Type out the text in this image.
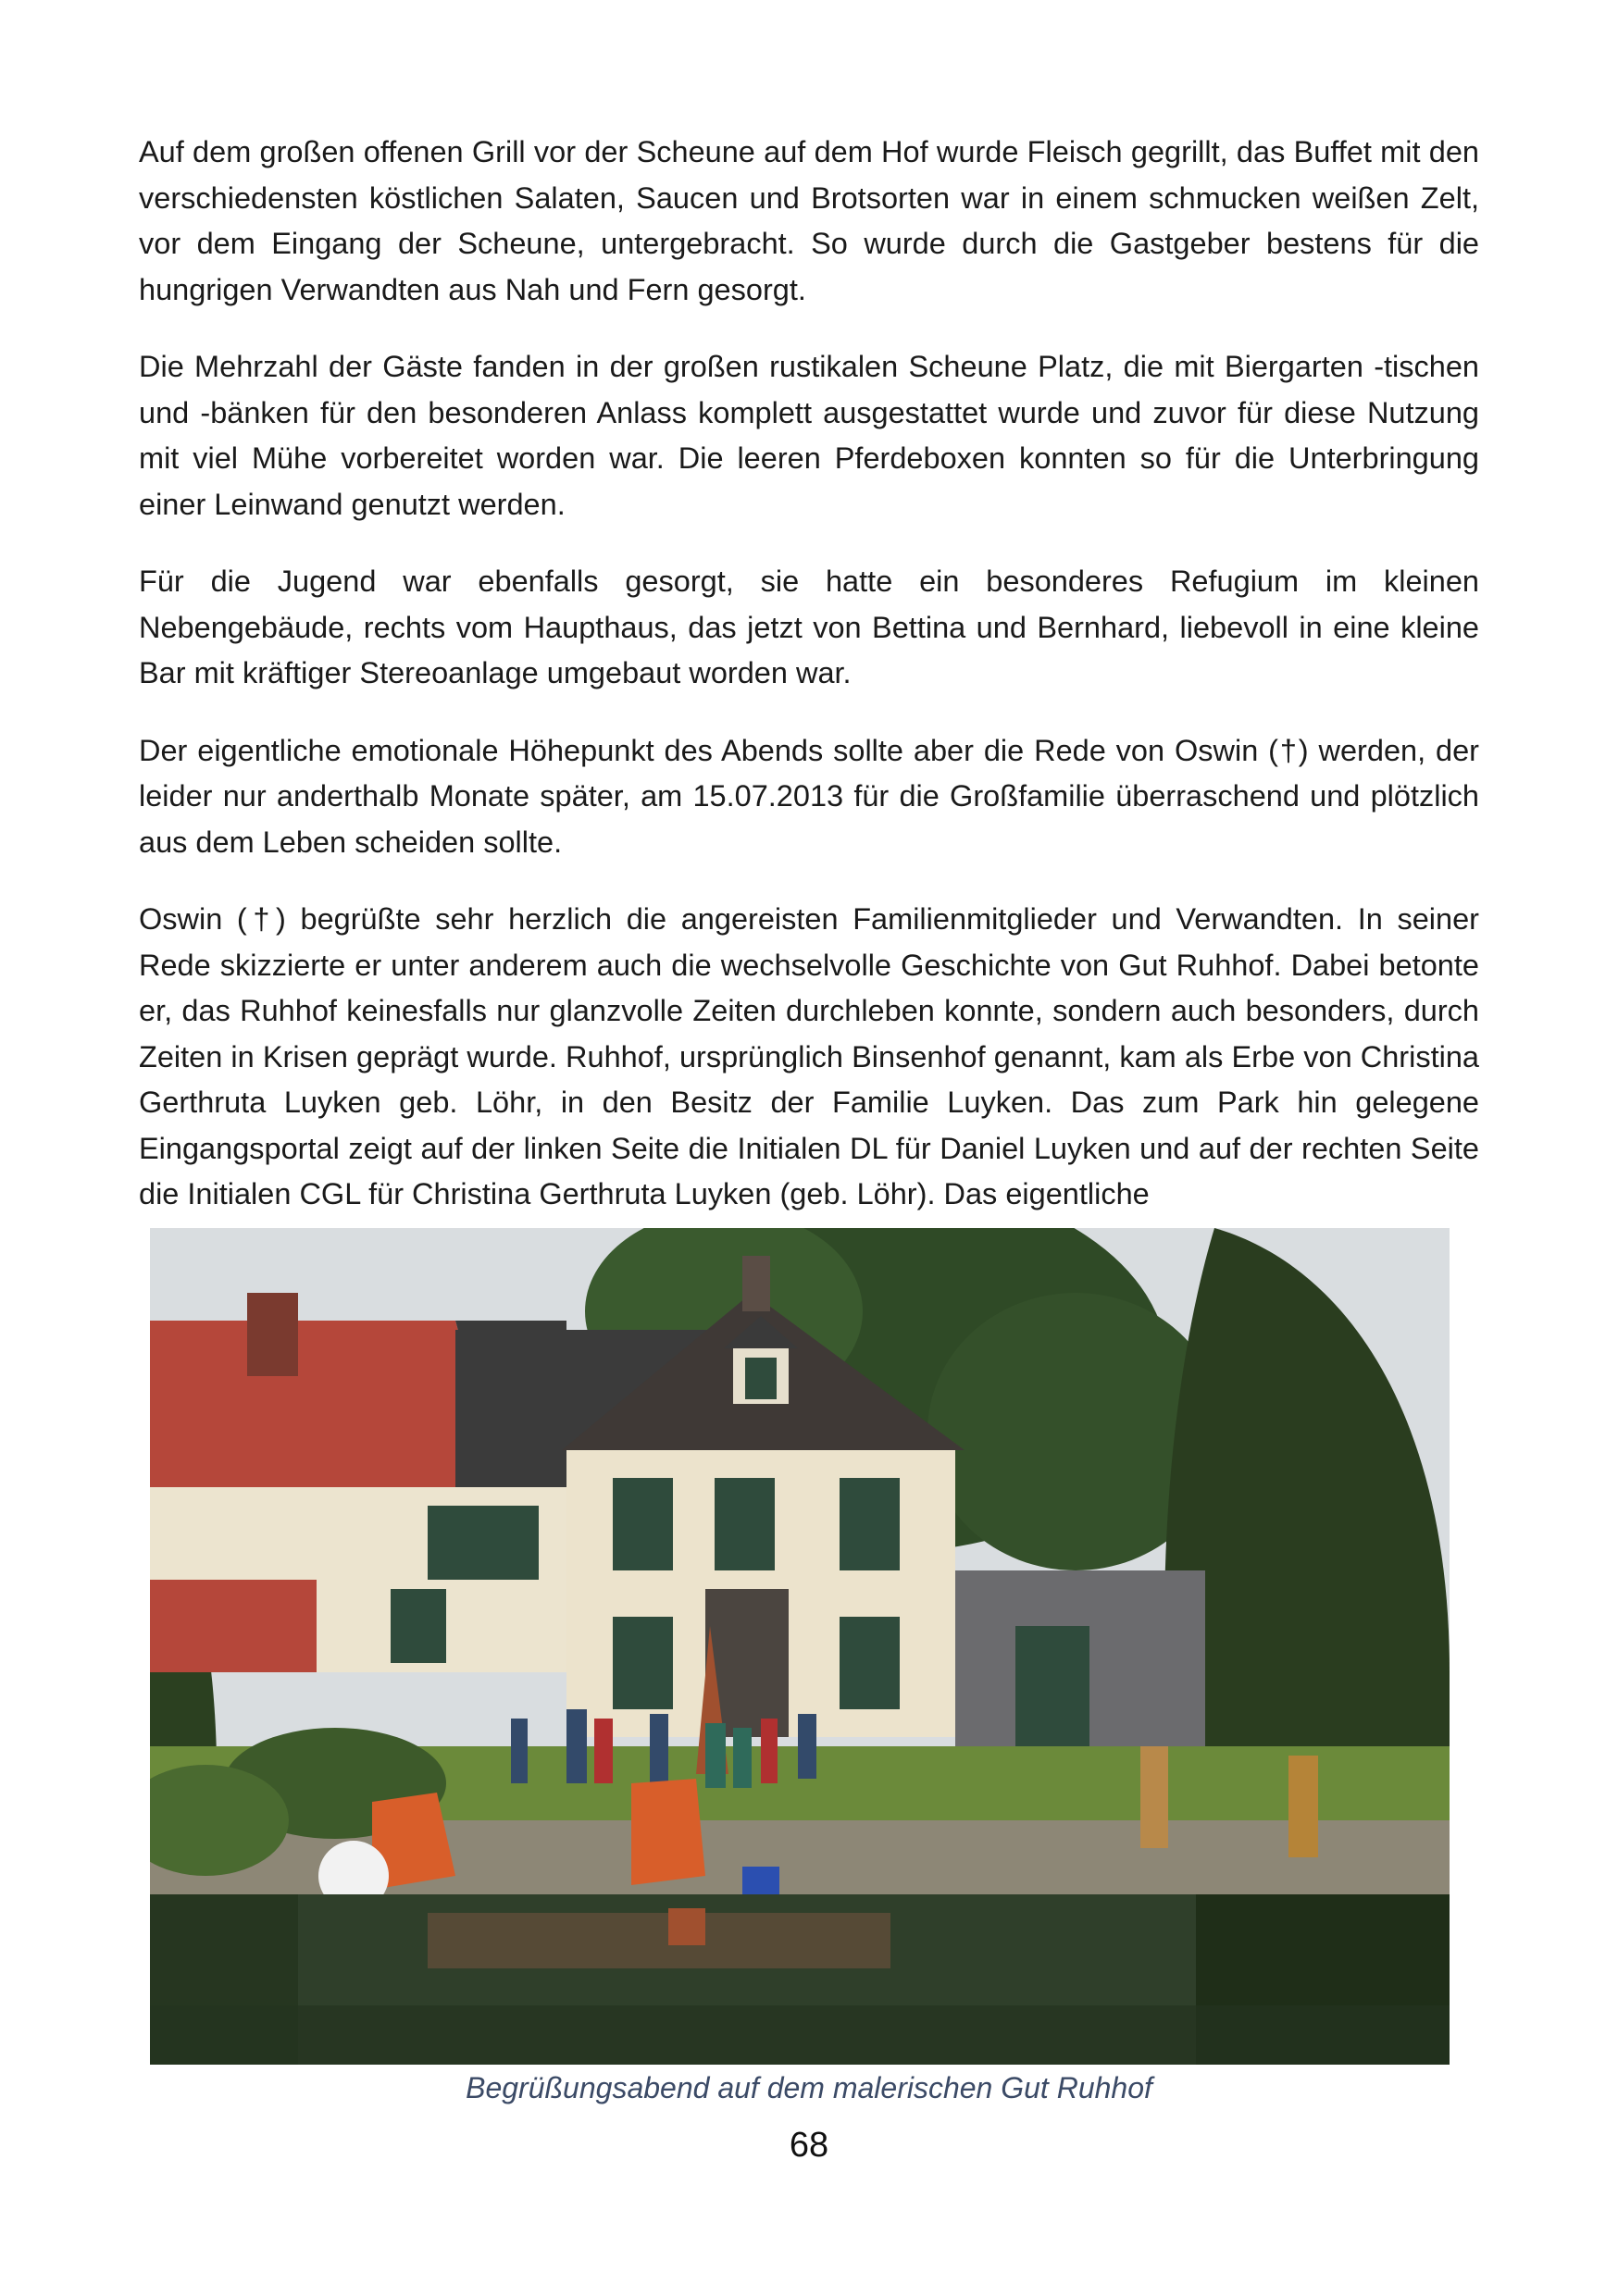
Auf dem großen offenen Grill vor der Scheune auf dem Hof wurde Fleisch gegrillt, das Buffet mit den verschiedensten köstlichen Salaten, Saucen und Brotsorten war in einem schmucken weißen Zelt, vor dem Eingang der Scheune, untergebracht. So wurde durch die Gastgeber bestens für die hungrigen Verwandten aus Nah und Fern gesorgt.

Die Mehrzahl der Gäste fanden in der großen rustikalen Scheune Platz, die mit Biergarten -tischen und -bänken für den besonderen Anlass komplett ausgestattet wurde und zuvor für diese Nutzung mit viel Mühe vorbereitet worden war. Die leeren Pferdeboxen konnten so für die Unterbringung einer Leinwand genutzt werden.

Für die Jugend war ebenfalls gesorgt, sie hatte ein besonderes Refugium im kleinen Nebengebäude, rechts vom Haupthaus, das jetzt von Bettina und Bernhard, liebevoll in eine kleine Bar mit kräftiger Stereoanlage umgebaut worden war.

Der eigentliche emotionale Höhepunkt des Abends sollte aber die Rede von Oswin (†) werden, der leider nur anderthalb Monate später, am 15.07.2013 für die Großfamilie überraschend und plötzlich aus dem Leben scheiden sollte.

Oswin (†) begrüßte sehr herzlich die angereisten Familienmitglieder und Verwandten. In seiner Rede skizzierte er unter anderem auch die wechselvolle Geschichte von Gut Ruhhof. Dabei betonte er, das Ruhhof keinesfalls nur glanzvolle Zeiten durchleben konnte, sondern auch besonders, durch Zeiten in Krisen geprägt wurde. Ruhhof, ursprünglich Binsenhof genannt, kam als Erbe von Christina Gerthruta Luyken geb. Löhr, in den Besitz der Familie Luyken. Das zum Park hin gelegene Eingangsportal zeigt auf der linken Seite die Initialen DL für Daniel Luyken und auf der rechten Seite die Initialen CGL für Christina Gerthruta Luyken (geb. Löhr). Das eigentliche

Begrüßungsabend auf dem malerischen Gut Ruhhof
68
